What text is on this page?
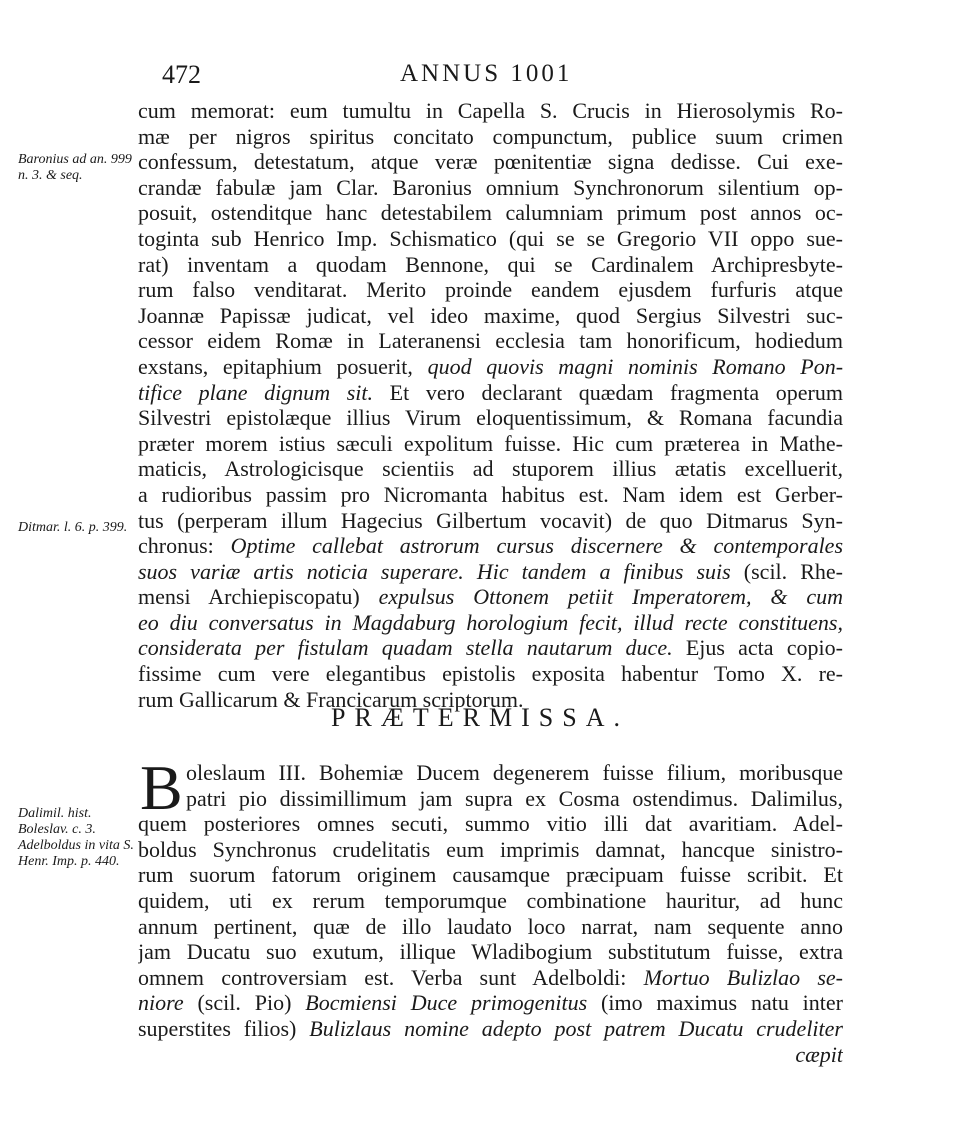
472	ANNUS 1001
Baronius ad an. 999 n. 3. & seq.
Ditmar. l. 6. p. 399.
Dalimil. hist. Boleslav. c. 3. Adelboldus in vita S. Henr. Imp. p. 440.
cum memorat: eum tumultu in Capella S. Crucis in Hierosolymis Ro-
mæ per nigros spiritus concitato compunctum, publice suum crimen
confessum, detestatum, atque veræ pœnitentiæ signa dedisse. Cui exe-
crandæ fabulæ jam Clar. Baronius omnium Synchronorum silentium op-
posuit, ostenditque hanc detestabilem calumniam primum post annos oc-
toginta sub Henrico Imp. Schismatico (qui se se Gregorio VII oppo sue-
rat) inventam a quodam Bennone, qui se Cardinalem Archipresbyte-
rum falso venditarat. Merito proinde eandem ejusdem furfuris atque
Joannæ Papissæ judicat, vel ideo maxime, quod Sergius Silvestri suc-
cessor eidem Romæ in Lateranensi ecclesia tam honorificum, hodiedum
exstans, epitaphium posuerit, quod quovis magni nominis Romano Pon-
tifice plane dignum sit. Et vero declarant quædam fragmenta operum
Silvestri epistolæque illius Virum eloquentissimum, & Romana facundia
præter morem istius sæculi expolitum fuisse. Hic cum præterea in Mathe-
maticis, Astrologicisque scientiis ad stuporem illius ætatis excelluerit,
a rudioribus passim pro Nicromanta habitus est. Nam idem est Gerber-
tus (perperam illum Hagecius Gilbertum vocavit) de quo Ditmarus Syn-
chronus: Optime callebat astrorum cursus discernere & contemporales
suos variæ artis noticia superare. Hic tandem a finibus suis (scil. Rhe-
mensi Archiepiscopatu) expulsus Ottonem petiit Imperatorem, & cum
eo diu conversatus in Magdaburg horologium fecit, illud recte constituens,
considerata per fistulam quadam stella nautarum duce. Ejus acta copio-
fissime cum vere elegantibus epistolis exposita habentur Tomo X. re-
rum Gallicarum & Francicarum scriptorum.
PRÆTERMISSA.
B oleslaum III. Bohemiæ Ducem degenerem fuisse filium, moribusque
patri pio dissimillimum jam supra ex Cosma ostendimus. Dalimilus,
quem posteriores omnes secuti, summo vitio illi dat avaritiam. Adel-
boldus Synchronus crudelitatis eum imprimis damnat, hancque sinistro-
rum suorum fatorum originem causamque præcipuam fuisse scribit. Et
quidem, uti ex rerum temporumque combinatione hauritur, ad hunc
annum pertinent, quæ de illo laudato loco narrat, nam sequente anno
jam Ducatu suo exutum, illique Wladibogium substitutum fuisse, extra
omnem controversiam est. Verba sunt Adelboldi: Mortuo Bulizlao se-
niore (scil. Pio) Bocmiensi Duce primogenitus (imo maximus natu inter
superstites filios) Bulizlaus nomine adepto post patrem Ducatu crudeliter
cæpit
